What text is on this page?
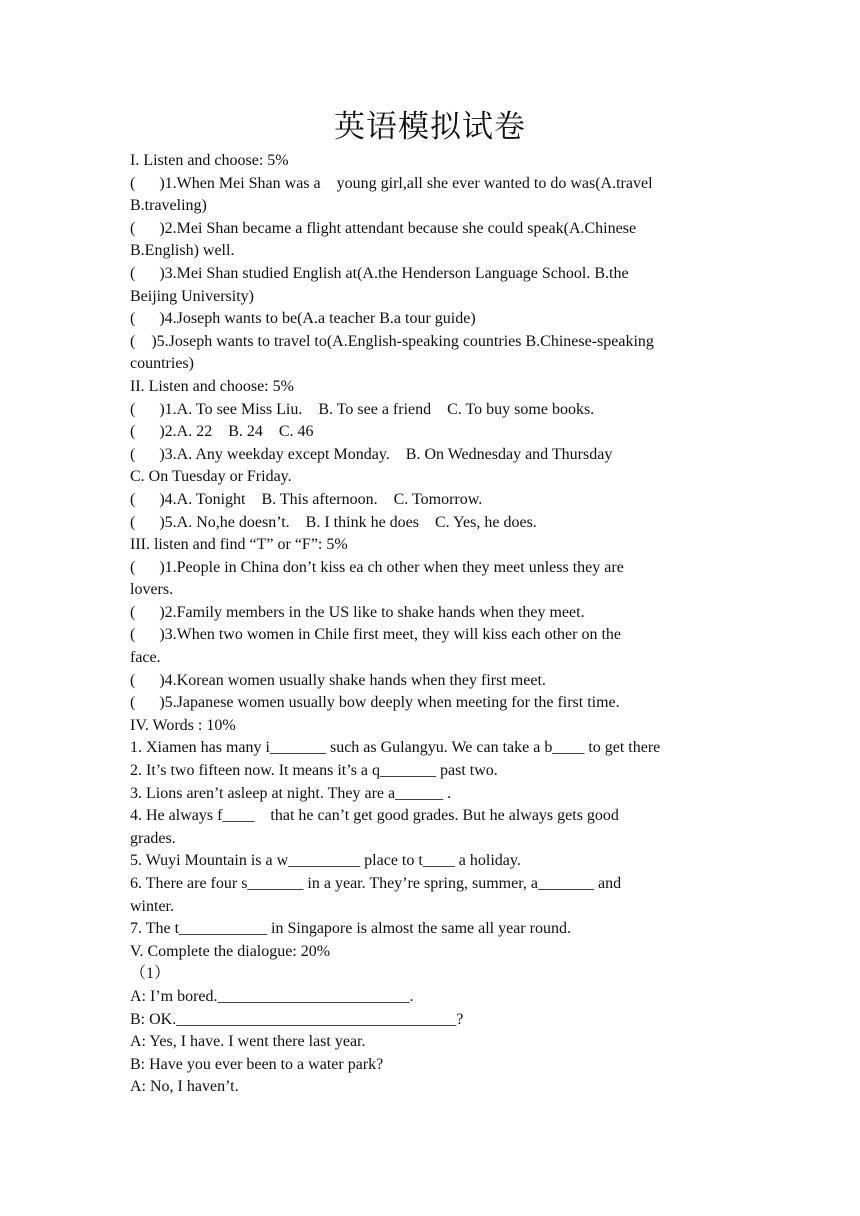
英语模拟试卷
I. Listen and choose: 5%
(      )1.When Mei Shan was a    young girl,all she ever wanted to do was(A.travel
B.traveling)
(      )2.Mei Shan became a flight attendant because she could speak(A.Chinese
B.English) well.
(      )3.Mei Shan studied English at(A.the Henderson Language School. B.the
Beijing University)
(      )4.Joseph wants to be(A.a teacher B.a tour guide)
(    )5.Joseph wants to travel to(A.English-speaking countries B.Chinese-speaking
countries)
II. Listen and choose: 5%
(      )1.A. To see Miss Liu.    B. To see a friend    C. To buy some books.
(      )2.A. 22    B. 24    C. 46
(      )3.A. Any weekday except Monday.    B. On Wednesday and Thursday
C. On Tuesday or Friday.
(      )4.A. Tonight    B. This afternoon.    C. Tomorrow.
(      )5.A. No,he doesn’t.    B. I think he does    C. Yes, he does.
III. listen and find “T” or “F”: 5%
(      )1.People in China don’t kiss ea ch other when they meet unless they are
lovers.
(      )2.Family members in the US like to shake hands when they meet.
(      )3.When two women in Chile first meet, they will kiss each other on the
face.
(      )4.Korean women usually shake hands when they first meet.
(      )5.Japanese women usually bow deeply when meeting for the first time.
IV. Words : 10%
1. Xiamen has many i_______ such as Gulangyu. We can take a b____ to get there
2. It’s two fifteen now. It means it’s a q_______ past two.
3. Lions aren’t asleep at night. They are a______ .
4. He always f____    that he can’t get good grades. But he always gets good
grades.
5. Wuyi Mountain is a w_________ place to t____ a holiday.
6. There are four s_______ in a year. They’re spring, summer, a_______ and
winter.
7. The t___________ in Singapore is almost the same all year round.
V. Complete the dialogue: 20%
（1）
A: I’m bored.________________________.
B: OK.___________________________________?
A: Yes, I have. I went there last year.
B: Have you ever been to a water park?
A: No, I haven’t.
